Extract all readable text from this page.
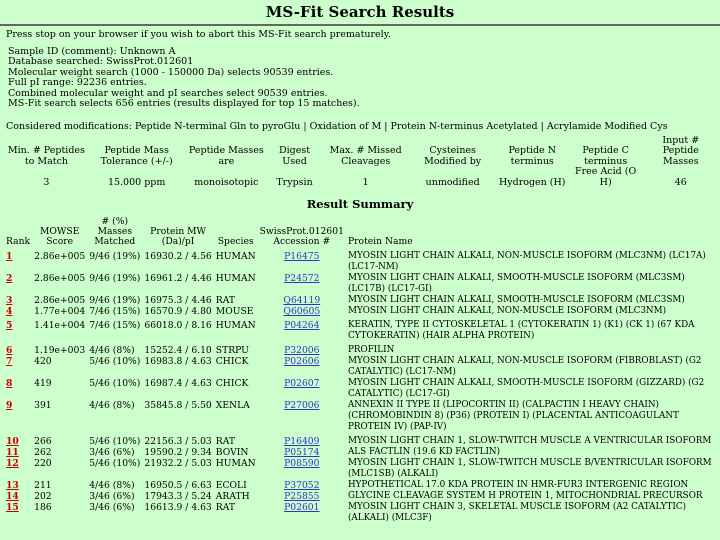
MS-Fit Search Results
Press stop on your browser if you wish to abort this MS-Fit search prematurely.
Sample ID (comment): Unknown A
Database searched: SwissProt.012601
Molecular weight search (1000 - 150000 Da) selects 90539 entries.
Full pI range: 92236 entries.
Combined molecular weight and pI searches select 90539 entries.
MS-Fit search selects 656 entries (results displayed for top 15 matches).
Considered modifications: Peptide N-terminal Gln to pyroGlu | Oxidation of M | Protein N-terminus Acetylated | Acrylamide Modified Cys
Min. # Peptides to Match	Peptide Mass Tolerance (+/-)	Peptide Masses are	Digest Used	Max. # Missed Cleavages	Cysteines Modified by	Peptide N terminus	Peptide C terminus	Input # Peptide Masses
3	15.000 ppm	monoisotopic	Trypsin	1	unmodified	Hydrogen (H)	Free Acid (O H)	46
Result Summary
Rank	MOWSE Score	# (%) Masses Matched	Protein MW (Da)/pI	Species	SwissProt.012601 Accession #	Protein Name
1	2.86e+005	9/46 (19%)	16930.2 / 4.56	HUMAN	P16475	MYOSIN LIGHT CHAIN ALKALI, NON-MUSCLE ISOFORM (MLC3NM) (LC17A) (LC17-NM)
2	2.86e+005	9/46 (19%)	16961.2 / 4.46	HUMAN	P24572	MYOSIN LIGHT CHAIN ALKALI, SMOOTH-MUSCLE ISOFORM (MLC3SM) (LC17B) (LC17-GI)
3	2.86e+005	9/46 (19%)	16975.3 / 4.46	RAT	Q64119	MYOSIN LIGHT CHAIN ALKALI, SMOOTH-MUSCLE ISOFORM (MLC3SM)
4	1.77e+004	7/46 (15%)	16570.9 / 4.80	MOUSE	Q60605	MYOSIN LIGHT CHAIN ALKALI, NON-MUSCLE ISOFORM (MLC3NM)
5	1.41e+004	7/46 (15%)	66018.0 / 8.16	HUMAN	P04264	KERATIN, TYPE II CYTOSKELETAL 1 (CYTOKERATIN 1) (K1) (CK 1) (67 KDA CYTOKERATIN) (HAIR ALPHA PROTEIN)
6	1.19e+003	4/46 (8%)	15252.4 / 6.10	STRPU	P32006	PROFILIN
7	420	5/46 (10%)	16983.8 / 4.63	CHICK	P02606	MYOSIN LIGHT CHAIN ALKALI, NON-MUSCLE ISOFORM (FIBROBLAST) (G2 CATALYTIC) (LC17-NM)
8	419	5/46 (10%)	16987.4 / 4.63	CHICK	P02607	MYOSIN LIGHT CHAIN ALKALI, SMOOTH-MUSCLE ISOFORM (GIZZARD) (G2 CATALYTIC) (LC17-GI)
9	391	4/46 (8%)	35845.8 / 5.50	XENLA	P27006	ANNEXIN II TYPE II (LIPOCORTIN II) (CALPACTIN I HEAVY CHAIN) (CHROMOBINDIN 8) (P36) (PROTEIN I) (PLACENTAL ANTICOAGULANT PROTEIN IV) (PAP-IV)
10	266	5/46 (10%)	22156.3 / 5.03	RAT	P16409	MYOSIN LIGHT CHAIN 1, SLOW-TWITCH MUSCLE A VENTRICULAR ISOFORM
11	262	3/46 (6%)	19590.2 / 9.34	BOVIN	P05174	ALS FACTLIN (19.6 KD FACTLIN)
12	220	5/46 (10%)	21932.2 / 5.03	HUMAN	P08590	MYOSIN LIGHT CHAIN 1, SLOW-TWITCH MUSCLE B/VENTRICULAR ISOFORM (MLC1SB) (ALKALI)
13	211	4/46 (8%)	16950.5 / 6.63	ECOLI	P37052	HYPOTHETICAL 17.0 KDA PROTEIN IN HMR-FUR3 INTERGENIC REGION
14	202	3/46 (6%)	17943.3 / 5.24	ARATH	P25855	GLYCINE CLEAVAGE SYSTEM H PROTEIN 1, MITOCHONDRIAL PRECURSOR
15	186	3/46 (6%)	16613.9 / 4.63	RAT	P02601	MYOSIN LIGHT CHAIN 3, SKELETAL MUSCLE ISOFORM (A2 CATALYTIC) (ALKALI) (MLC3F)
